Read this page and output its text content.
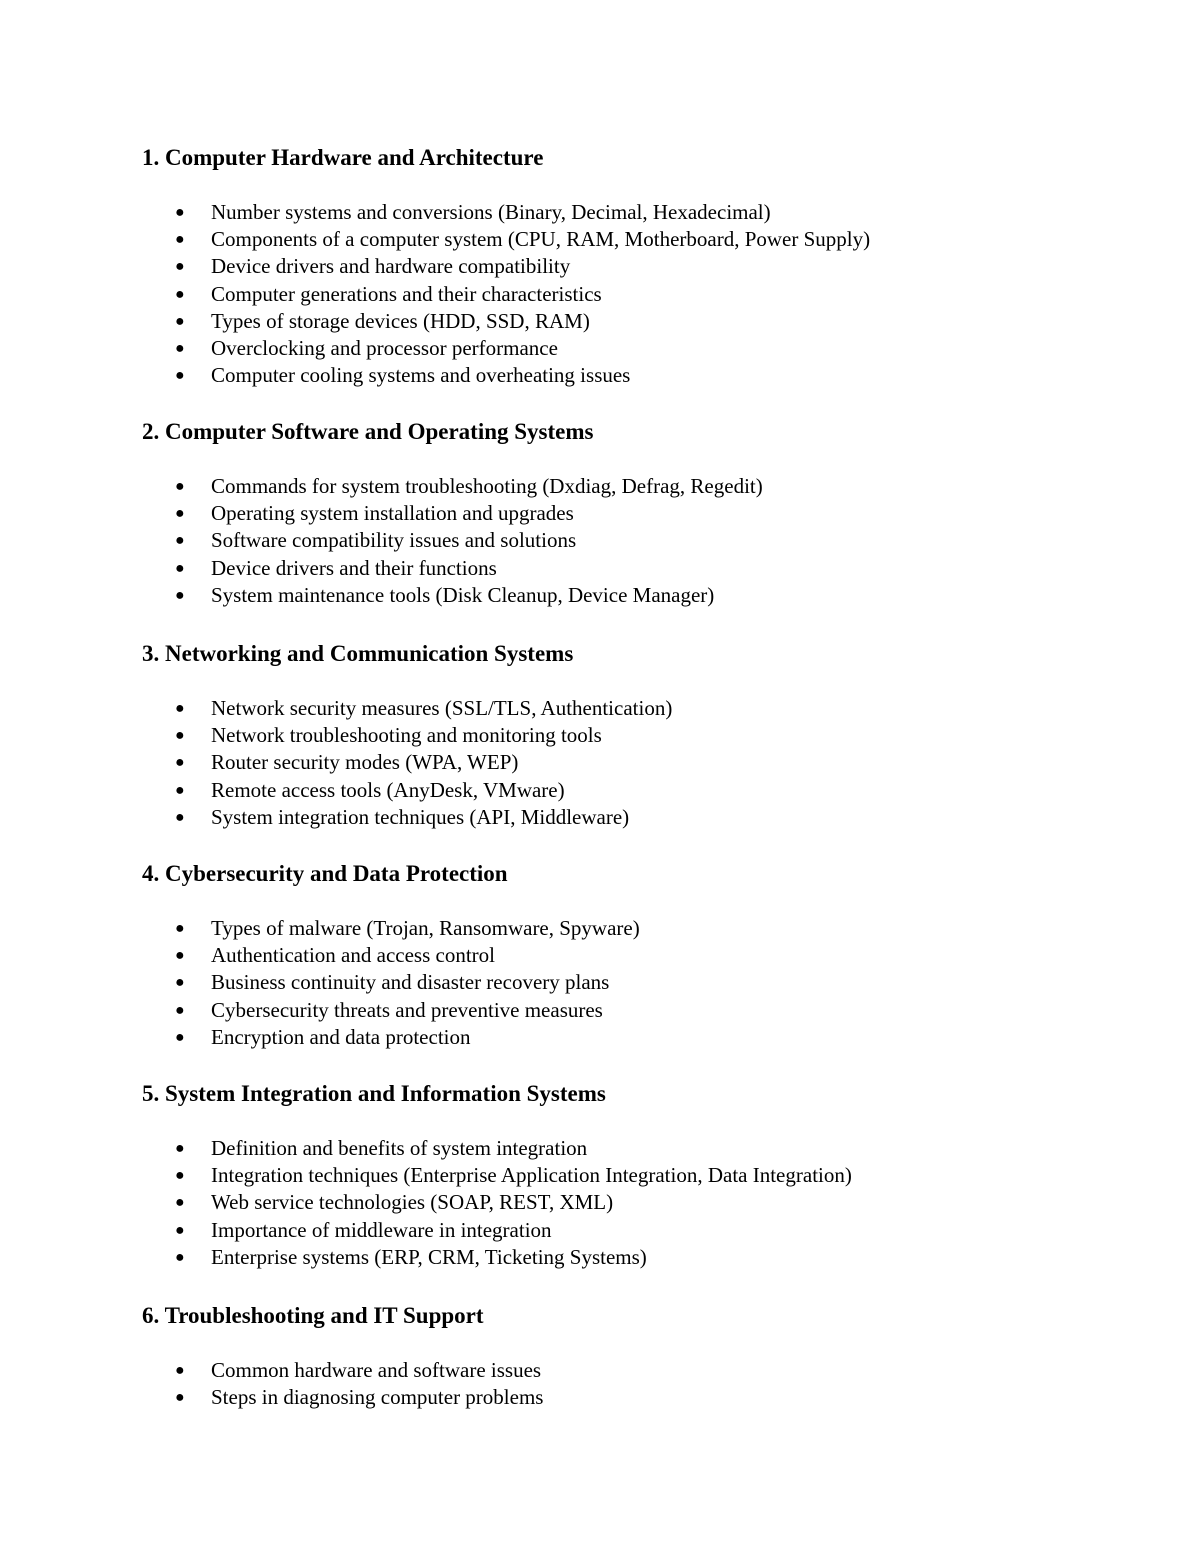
1. Computer Hardware and Architecture
● Number systems and conversions (Binary, Decimal, Hexadecimal)
● Components of a computer system (CPU, RAM, Motherboard, Power Supply)
● Device drivers and hardware compatibility
● Computer generations and their characteristics
● Types of storage devices (HDD, SSD, RAM)
● Overclocking and processor performance
● Computer cooling systems and overheating issues
2. Computer Software and Operating Systems
● Commands for system troubleshooting (Dxdiag, Defrag, Regedit)
● Operating system installation and upgrades
● Software compatibility issues and solutions
● Device drivers and their functions
● System maintenance tools (Disk Cleanup, Device Manager)
3. Networking and Communication Systems
● Network security measures (SSL/TLS, Authentication)
● Network troubleshooting and monitoring tools
● Router security modes (WPA, WEP)
● Remote access tools (AnyDesk, VMware)
● System integration techniques (API, Middleware)
4. Cybersecurity and Data Protection
● Types of malware (Trojan, Ransomware, Spyware)
● Authentication and access control
● Business continuity and disaster recovery plans
● Cybersecurity threats and preventive measures
● Encryption and data protection
5. System Integration and Information Systems
● Definition and benefits of system integration
● Integration techniques (Enterprise Application Integration, Data Integration)
● Web service technologies (SOAP, REST, XML)
● Importance of middleware in integration
● Enterprise systems (ERP, CRM, Ticketing Systems)
6. Troubleshooting and IT Support
● Common hardware and software issues
● Steps in diagnosing computer problems
